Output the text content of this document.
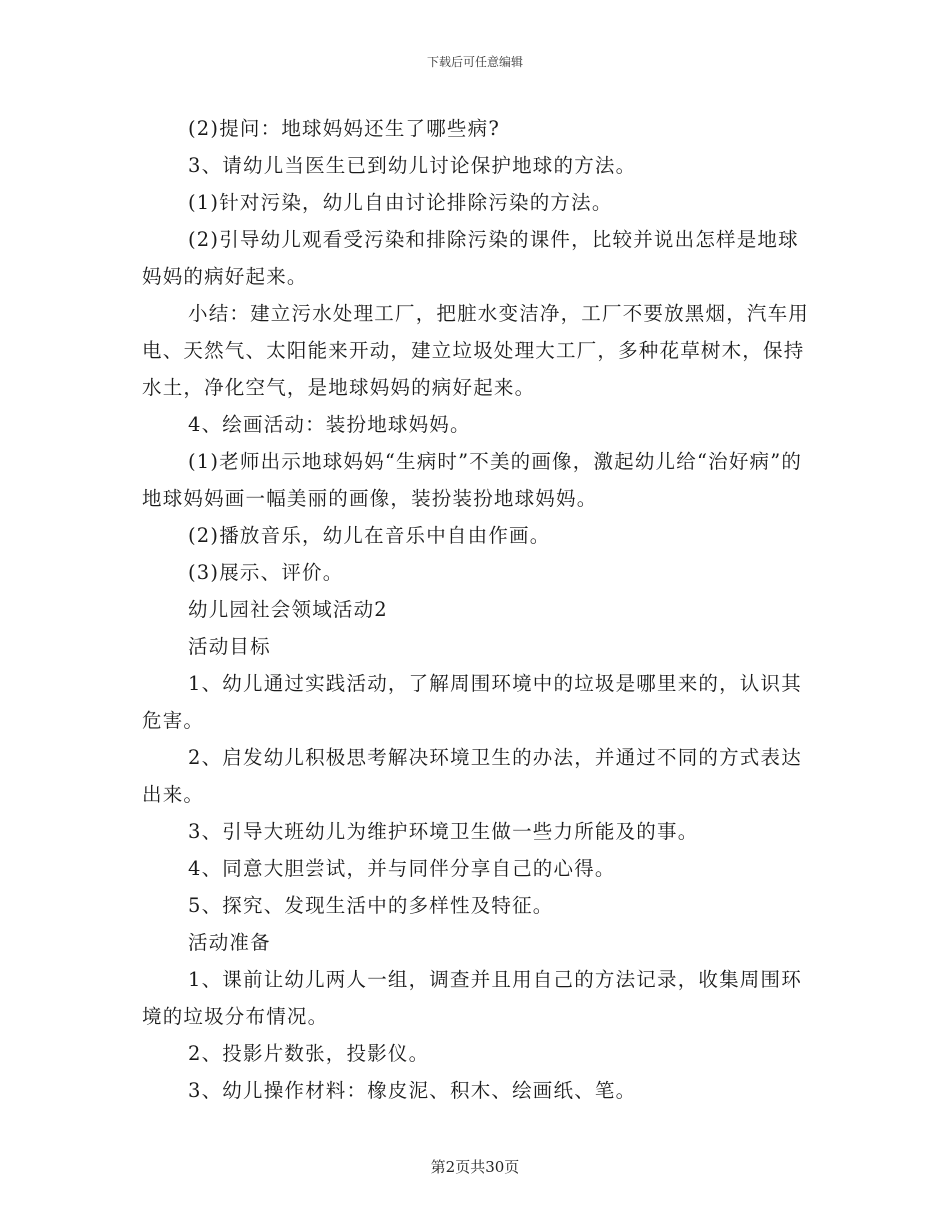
下载后可任意编辑

(2)提问：地球妈妈还生了哪些病?

3、请幼儿当医生已到幼儿讨论保护地球的方法。

(1)针对污染，幼儿自由讨论排除污染的方法。

(2)引导幼儿观看受污染和排除污染的课件，比较并说出怎样是地球妈妈的病好起来。

小结：建立污水处理工厂，把脏水变洁净，工厂不要放黑烟，汽车用电、天然气、太阳能来开动，建立垃圾处理大工厂，多种花草树木，保持水土，净化空气，是地球妈妈的病好起来。

4、绘画活动：装扮地球妈妈。

(1)老师出示地球妈妈“生病时”不美的画像，激起幼儿给“治好病”的地球妈妈画一幅美丽的画像，装扮装扮地球妈妈。

(2)播放音乐，幼儿在音乐中自由作画。

(3)展示、评价。

幼儿园社会领域活动2

活动目标

1、幼儿通过实践活动，了解周围环境中的垃圾是哪里来的，认识其危害。

2、启发幼儿积极思考解决环境卫生的办法，并通过不同的方式表达出来。

3、引导大班幼儿为维护环境卫生做一些力所能及的事。

4、同意大胆尝试，并与同伴分享自己的心得。

5、探究、发现生活中的多样性及特征。

活动准备

1、课前让幼儿两人一组，调查并且用自己的方法记录，收集周围环境的垃圾分布情况。

2、投影片数张，投影仪。

3、幼儿操作材料：橡皮泥、积木、绘画纸、笔。

第2页共30页
